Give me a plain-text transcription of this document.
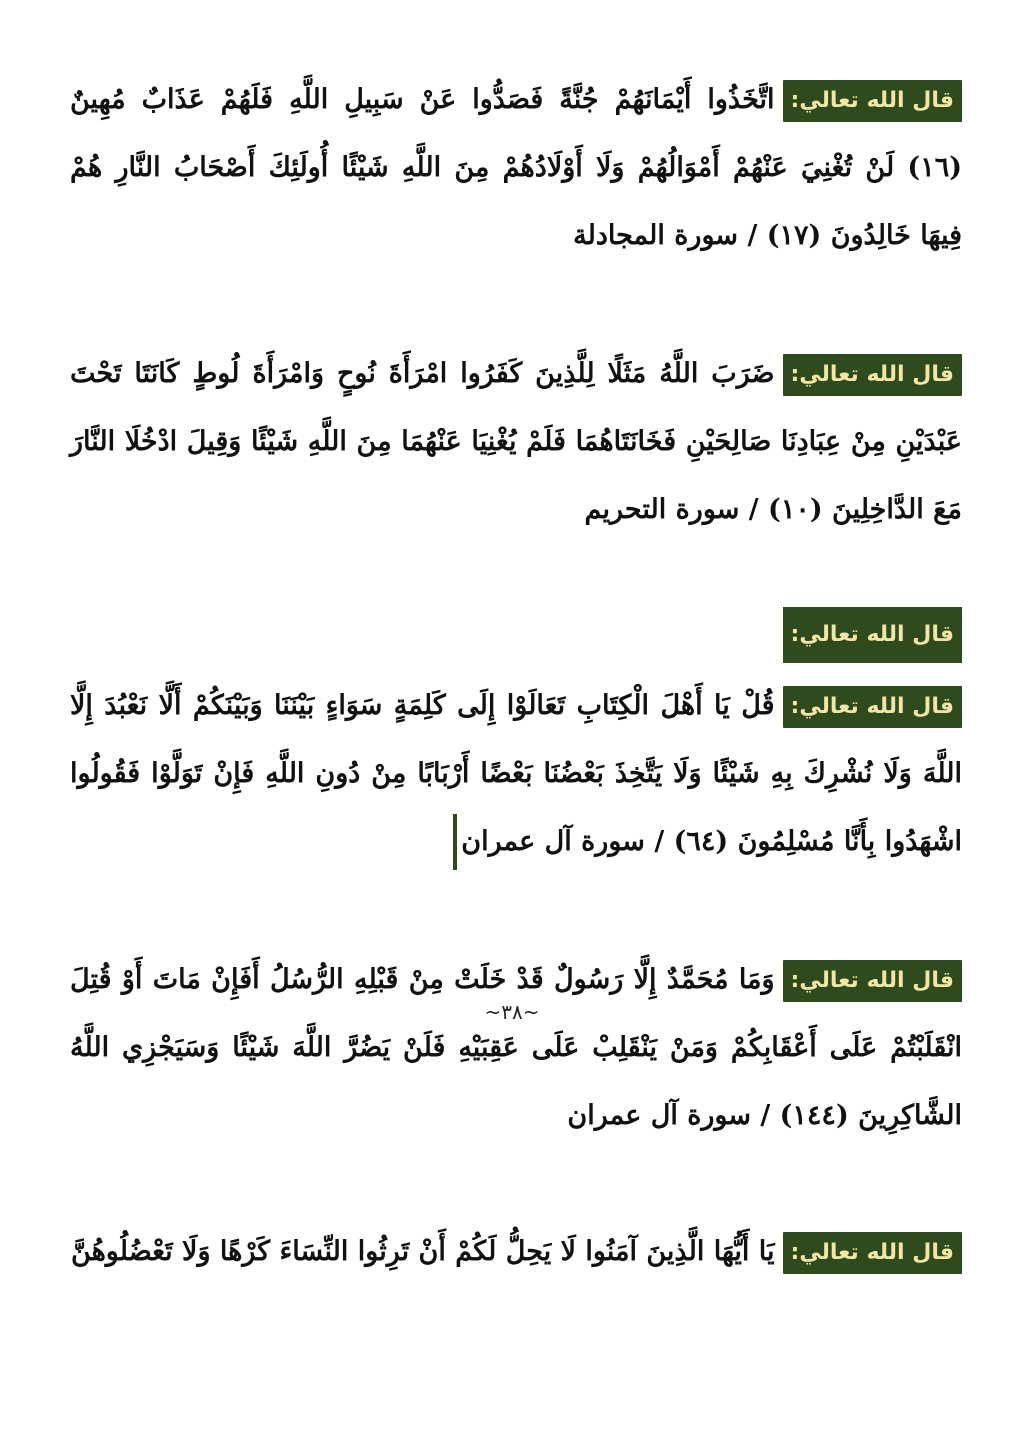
قال الله تعالي:اتَّخَذُوا أَيْمَانَهُمْ جُنَّةً فَصَدُّوا عَنْ سَبِيلِ اللَّهِ فَلَهُمْ عَذَابٌ مُهِينٌ (١٦) لَنْ تُغْنِيَ عَنْهُمْ أَمْوَالُهُمْ وَلَا أَوْلَادُهُمْ مِنَ اللَّهِ شَيْئًا أُولَئِكَ أَصْحَابُ النَّارِ هُمْ فِيهَا خَالِدُونَ (١٧) / سورة المجادلة
قال الله تعالي:ضَرَبَ اللَّهُ مَثَلًا لِلَّذِينَ كَفَرُوا امْرَأَةَ نُوحٍ وَامْرَأَةَ لُوطٍ كَانَتَا تَحْتَ عَبْدَيْنِ مِنْ عِبَادِنَا صَالِحَيْنِ فَخَانَتَاهُمَا فَلَمْ يُغْنِيَا عَنْهُمَا مِنَ اللَّهِ شَيْئًا وَقِيلَ ادْخُلَا النَّارَ مَعَ الدَّاخِلِينَ (١٠) / سورة التحريم
قال الله تعالي:
قال الله تعالي:قُلْ يَا أَهْلَ الْكِتَابِ تَعَالَوْا إِلَى كَلِمَةٍ سَوَاءٍ بَيْنَنَا وَبَيْنَكُمْ أَلَّا نَعْبُدَ إِلَّا اللَّهَ وَلَا نُشْرِكَ بِهِ شَيْئًا وَلَا يَتَّخِذَ بَعْضُنَا بَعْضًا أَرْبَابًا مِنْ دُونِ اللَّهِ فَإِنْ تَوَلَّوْا فَقُولُوا اشْهَدُوا بِأَنَّا مُسْلِمُونَ (٦٤) / سورة آل عمران
قال الله تعالي:وَمَا مُحَمَّدٌ إِلَّا رَسُولٌ قَدْ خَلَتْ مِنْ قَبْلِهِ الرُّسُلُ أَفَإِنْ مَاتَ أَوْ قُتِلَ انْقَلَبْتُمْ عَلَى أَعْقَابِكُمْ وَمَنْ يَنْقَلِبْ عَلَى عَقِبَيْهِ فَلَنْ يَضُرَّ اللَّهَ شَيْئًا وَسَيَجْزِي اللَّهُ الشَّاكِرِينَ (١٤٤) / سورة آل عمران
قال الله تعالي:يَا أَيُّهَا الَّذِينَ آمَنُوا لَا يَحِلُّ لَكُمْ أَنْ تَرِثُوا النِّسَاءَ كَرْهًا وَلَا تَعْضُلُوهُنَّ
~٣٨~
